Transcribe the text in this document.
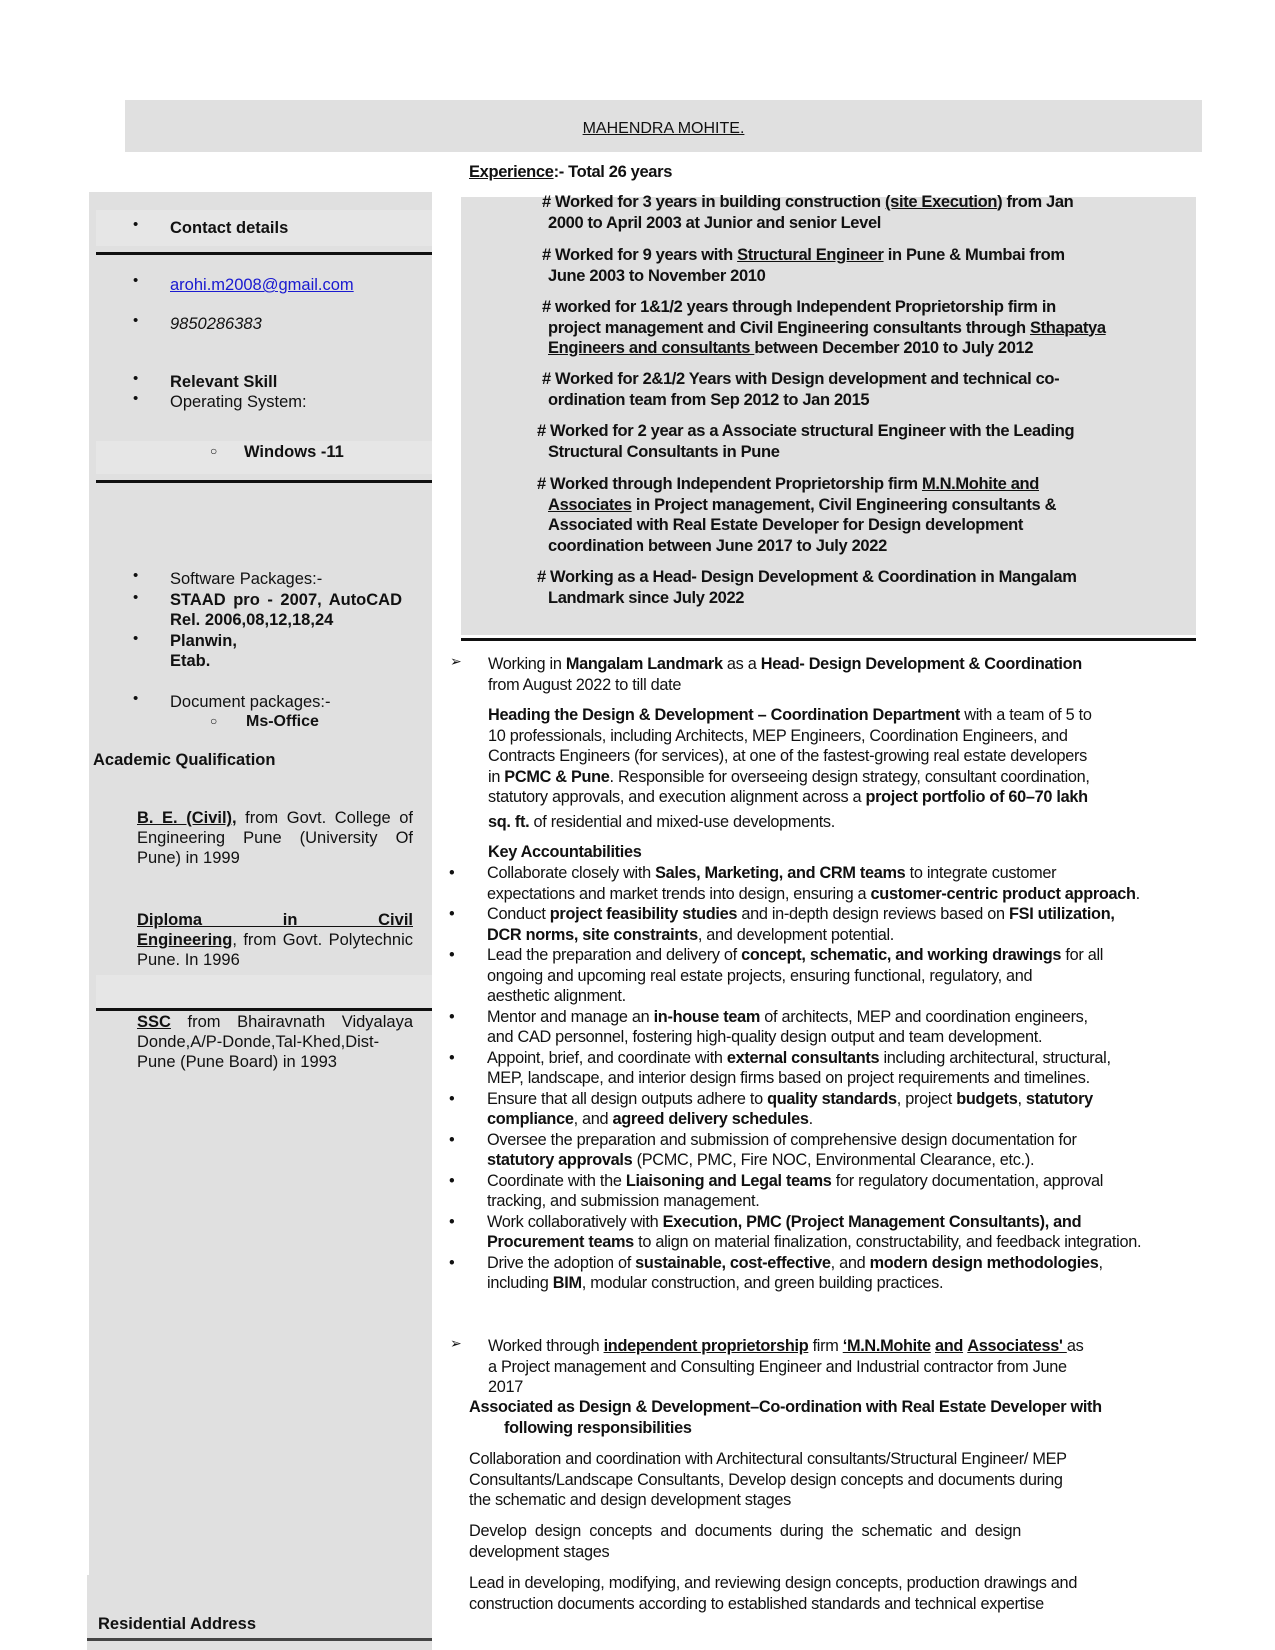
MAHENDRA MOHITE.
• Contact details
• arohi.m2008@gmail.com
• 9850286383
• Relevant Skill
• Operating System:
○ Windows -11
• Software Packages:-
• STAAD pro - 2007, AutoCAD
Rel. 2006,08,12,18,24
• Planwin,
Etab.
• Document packages:-
○ Ms-Office
Academic Qualification
B. E. (Civil), from Govt. College of Engineering Pune (University Of Pune) in 1999
Diploma in Civil Engineering, from Govt. Polytechnic Pune. In 1996
SSC from Bhairavnath Vidyalaya Donde,A/P-Donde,Tal-Khed,Dist-Pune (Pune Board) in 1993
Residential Address
Experience:- Total 26 years
# Worked for 3 years in building construction (site Execution) from Jan
2000 to April 2003 at Junior and senior Level
# Worked for 9 years with Structural Engineer in Pune & Mumbai from
June 2003 to November 2010
# worked for 1&1/2 years through Independent Proprietorship firm in
project management and Civil Engineering consultants through Sthapatya
Engineers and consultants between December 2010 to July 2012
# Worked for 2&1/2 Years with Design development and technical co-
ordination team from Sep 2012 to Jan 2015
# Worked for 2 year as a Associate structural Engineer with the Leading
Structural Consultants in Pune
# Worked through Independent Proprietorship firm M.N.Mohite and
Associates in Project management, Civil Engineering consultants &
Associated with Real Estate Developer for Design development
coordination between June 2017 to July 2022
# Working as a Head- Design Development & Coordination in Mangalam
Landmark since July 2022
➢ Working in Mangalam Landmark as a Head- Design Development & Coordination
from August 2022 to till date
Heading the Design & Development – Coordination Department with a team of 5 to
10 professionals, including Architects, MEP Engineers, Coordination Engineers, and
Contracts Engineers (for services), at one of the fastest-growing real estate developers
in PCMC & Pune. Responsible for overseeing design strategy, consultant coordination,
statutory approvals, and execution alignment across a project portfolio of 60–70 lakh
sq. ft. of residential and mixed-use developments.
Key Accountabilities
• Collaborate closely with Sales, Marketing, and CRM teams to integrate customer
expectations and market trends into design, ensuring a customer-centric product approach.
• Conduct project feasibility studies and in-depth design reviews based on FSI utilization,
DCR norms, site constraints, and development potential.
• Lead the preparation and delivery of concept, schematic, and working drawings for all
ongoing and upcoming real estate projects, ensuring functional, regulatory, and
aesthetic alignment.
• Mentor and manage an in-house team of architects, MEP and coordination engineers,
and CAD personnel, fostering high-quality design output and team development.
• Appoint, brief, and coordinate with external consultants including architectural, structural,
MEP, landscape, and interior design firms based on project requirements and timelines.
• Ensure that all design outputs adhere to quality standards, project budgets, statutory
compliance, and agreed delivery schedules.
• Oversee the preparation and submission of comprehensive design documentation for
statutory approvals (PCMC, PMC, Fire NOC, Environmental Clearance, etc.).
• Coordinate with the Liaisoning and Legal teams for regulatory documentation, approval
tracking, and submission management.
• Work collaboratively with Execution, PMC (Project Management Consultants), and
Procurement teams to align on material finalization, constructability, and feedback integration.
• Drive the adoption of sustainable, cost-effective, and modern design methodologies,
including BIM, modular construction, and green building practices.
➢ Worked through independent proprietorship firm ‘M.N.Mohite and Associatess' as
a Project management and Consulting Engineer and Industrial contractor from June
2017
Associated as Design & Development–Co-ordination with Real Estate Developer with
following responsibilities
Collaboration and coordination with Architectural consultants/Structural Engineer/ MEP
Consultants/Landscape Consultants, Develop design concepts and documents during
the schematic and design development stages
Develop design concepts and documents during the schematic and design
development stages
Lead in developing, modifying, and reviewing design concepts, production drawings and
construction documents according to established standards and technical expertise
